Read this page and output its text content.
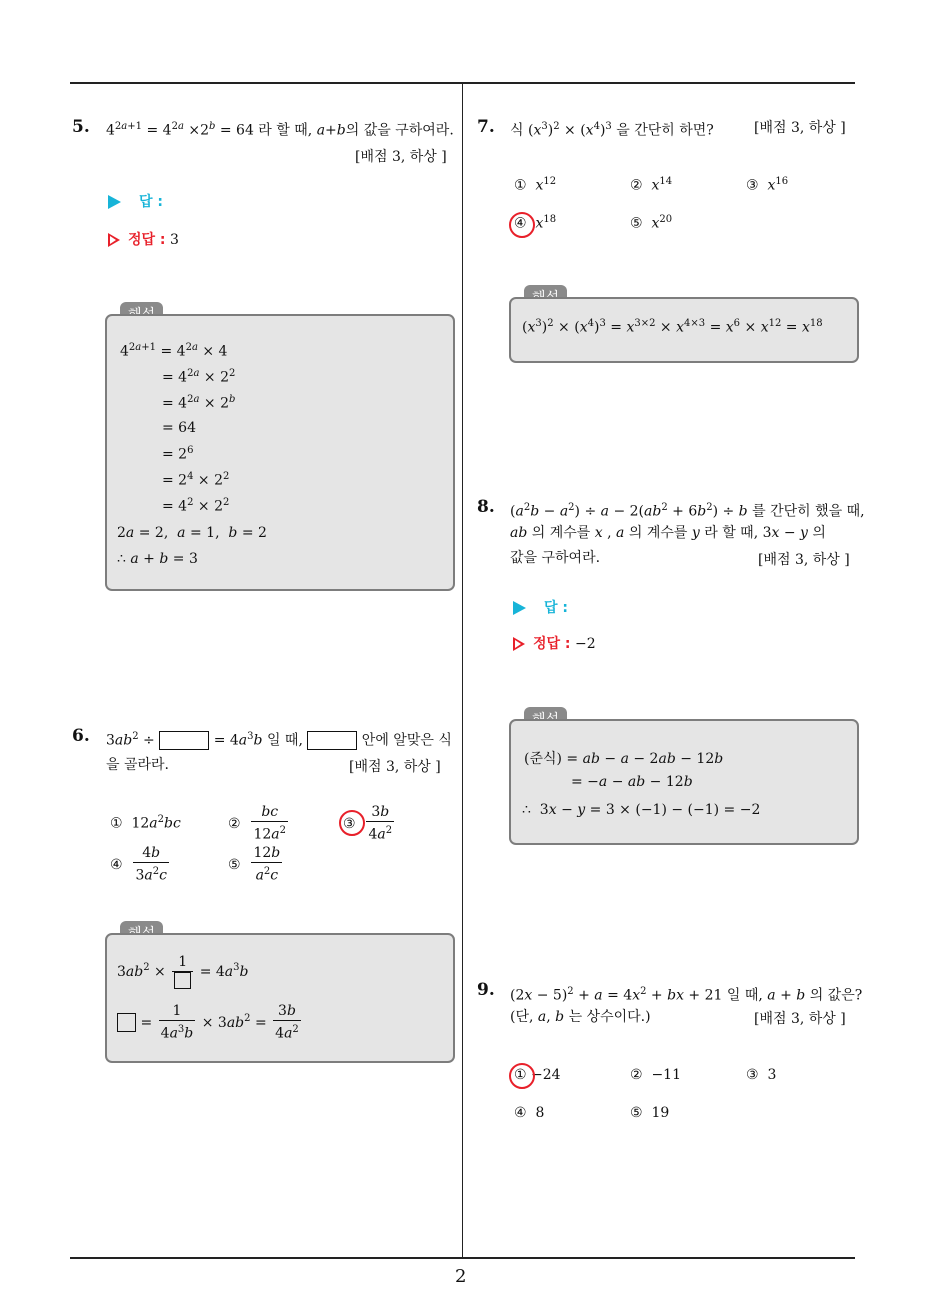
2
5. $4^{2a+1} = 4^{2a} \times 2^b = 64$ 라 할 때, a+b의 값을 구하여라.
[배점 3, 하상 ]
답 :
정답 : 3
$4^{2a+1} = 4^{2a} \times 4$
= $4^{2a} \times 2^2$
= $4^{2a} \times 2^b$
= 64
= $2^6$
= $2^4 \times 2^2$
= $4^2 \times 2^2$
2a = 2,  a = 1,  b = 2
∴ a + b = 3
6. $3ab^2$ ÷	= $4a^3b$ 일 때,	안에 알맞은 식
을 골라라.	[배점 3, 하상 ]
①  $12a^2bc$	② $\frac{bc}{12a^2}$	③ $\frac{3b}{4a^2}$
④ $\frac{4b}{3a^2c}$	⑤ $\frac{12b}{a^2c}$
$3ab^2$ ×
1
= $4a^3b$
= $\frac{1}{4a^3b} \times 3ab^2 = \frac{3b}{4a^2}$
7. 식 $(x^3)^2 \times (x^4)^3$ 을 간단히 하면?	[배점 3, 하상 ]
①  $x^{12}$	②  $x^{14}$	③  $x^{16}$
④  $x^{18}$	⑤  $x^{20}$
$(x^3)^2 \times (x^4)^3 = x^{3\times 2} \times x^{4\times 3} = x^6 \times x^{12} = x^{18}$
8. $(a^2b - a^2) \div a - 2(ab^2 + 6b^2) \div b$ 를 간단히 했을 때,
ab 의 계수를 x , a 의 계수를 y 라 할 때, 3x − y 의
값을 구하여라.	[배점 3, 하상 ]
답 :
정답 : −2
(준식) = ab − a − 2ab − 12b
= −a − ab − 12b
∴  3x − y = 3 × (−1) − (−1) = −2
9. $(2x - 5)^2 + a = 4x^2$ + bx + 21 일 때, a + b 의 값은?
(단, a, b 는 상수이다.)	[배점 3, 하상 ]
① −24	②  −11	③  3
④  8	⑤  19
